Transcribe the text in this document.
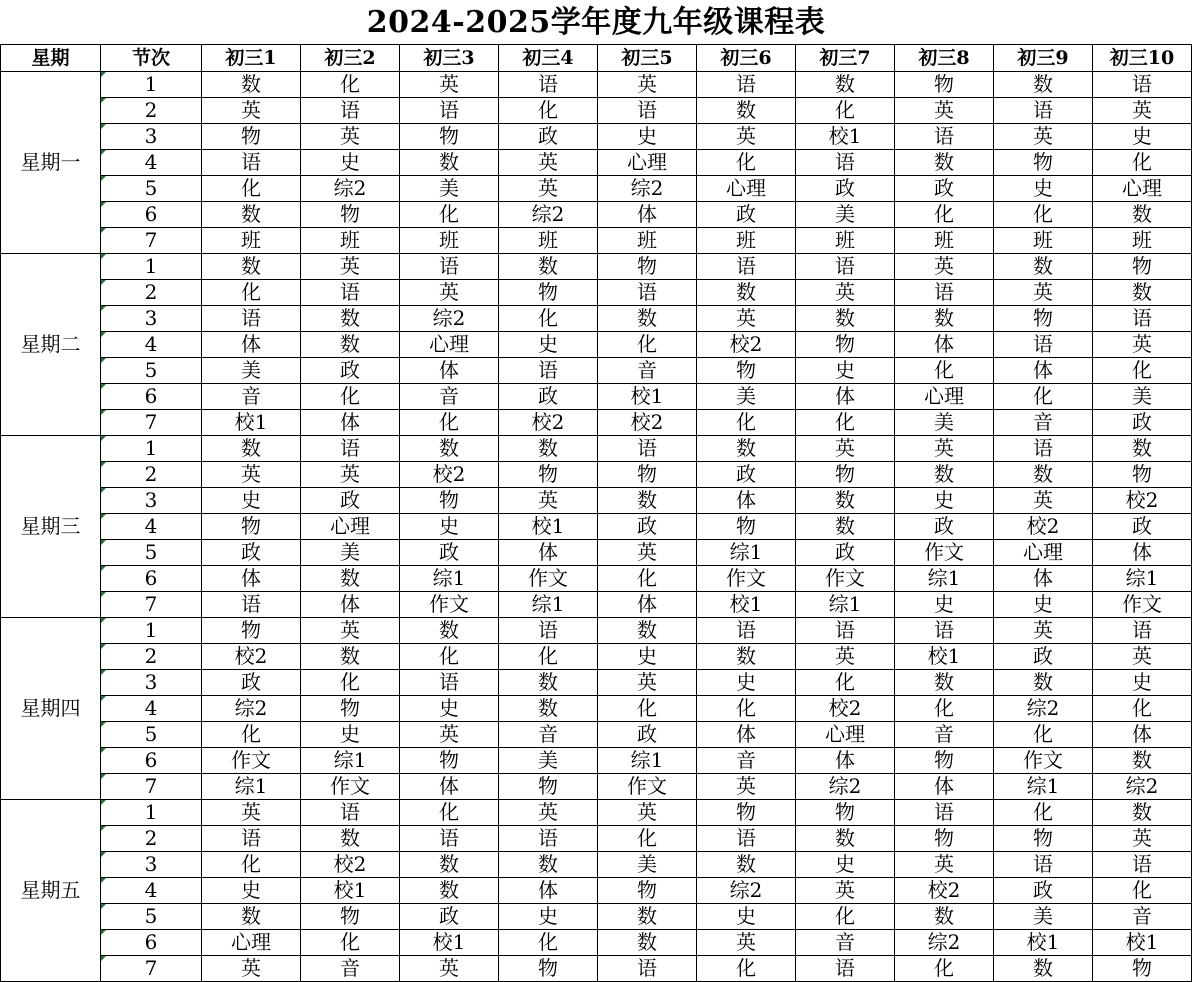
2024-2025学年度九年级课程表
星期	节次	初三1	初三2	初三3	初三4	初三5	初三6	初三7	初三8	初三9	初三10
星期一	1	数	化	英	语	英	语	数	物	数	语
	2	英	语	语	化	语	数	化	英	语	英
	3	物	英	物	政	史	英	校1	语	英	史
	4	语	史	数	英	心理	化	语	数	物	化
	5	化	综2	美	英	综2	心理	政	政	史	心理
	6	数	物	化	综2	体	政	美	化	化	数
	7	班	班	班	班	班	班	班	班	班	班
星期二	1	数	英	语	数	物	语	语	英	数	物
	2	化	语	英	物	语	数	英	语	英	数
	3	语	数	综2	化	数	英	数	数	物	语
	4	体	数	心理	史	化	校2	物	体	语	英
	5	美	政	体	语	音	物	史	化	体	化
	6	音	化	音	政	校1	美	体	心理	化	美
	7	校1	体	化	校2	校2	化	化	美	音	政
星期三	1	数	语	数	数	语	数	英	英	语	数
	2	英	英	校2	物	物	政	物	数	数	物
	3	史	政	物	英	数	体	数	史	英	校2
	4	物	心理	史	校1	政	物	数	政	校2	政
	5	政	美	政	体	英	综1	政	作文	心理	体
	6	体	数	综1	作文	化	作文	作文	综1	体	综1
	7	语	体	作文	综1	体	校1	综1	史	史	作文
星期四	1	物	英	数	语	数	语	语	语	英	语
	2	校2	数	化	化	史	数	英	校1	政	英
	3	政	化	语	数	英	史	化	数	数	史
	4	综2	物	史	数	化	化	校2	化	综2	化
	5	化	史	英	音	政	体	心理	音	化	体
	6	作文	综1	物	美	综1	音	体	物	作文	数
	7	综1	作文	体	物	作文	英	综2	体	综1	综2
星期五	1	英	语	化	英	英	物	物	语	化	数
	2	语	数	语	语	化	语	数	物	物	英
	3	化	校2	数	数	美	数	史	英	语	语
	4	史	校1	数	体	物	综2	英	校2	政	化
	5	数	物	政	史	数	史	化	数	美	音
	6	心理	化	校1	化	数	英	音	综2	校1	校1
	7	英	音	英	物	语	化	语	化	数	物
